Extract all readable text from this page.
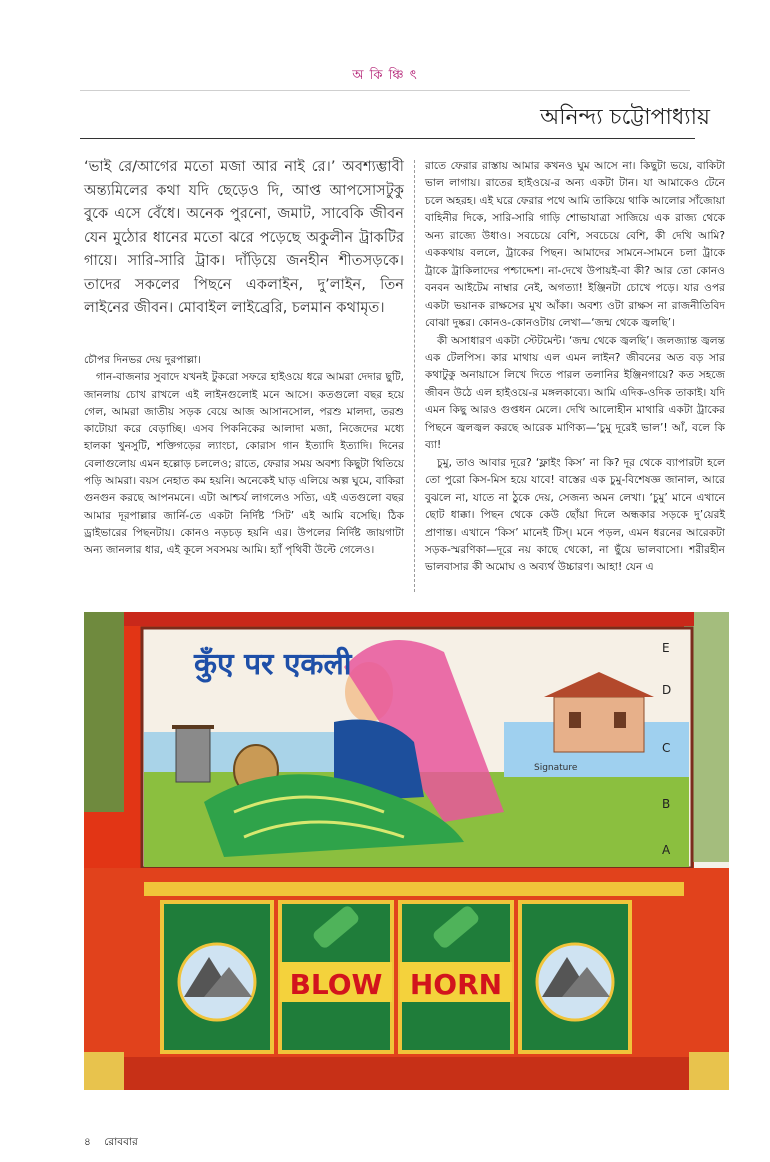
অ কি ঞ্চি ৎ
অনিন্দ্য চট্টোপাধ্যায়

‘ভাই রে/আগের মতো মজা আর নাই রে।’ অবশ্যম্ভাবী অন্ত্যমিলের কথা যদি ছেড়েও দি, আপ্ত আপসোসটুকু বুকে এসে বেঁধে। অনেক পুরনো, জমাট, সাবেকি জীবন যেন মুঠোর ধানের মতো ঝরে পড়েছে অকুলীন ট্রাকটির গায়ে। সারি-সারি ট্রাক। দাঁড়িয়ে জনহীন শীতসড়কে। তাদের সকলের পিছনে একলাইন, দু’লাইন, তিন লাইনের জীবন। মোবাইল লাইব্রেরি, চলমান কথামৃত।

চৌপর দিনভর দেয় দুরপাল্লা।

গান-বাজনার সুবাদে যখনই টুকরো সফরে হাইওয়ে ধরে আমরা দেদার ছুটি, জানলায় চোখ রাখলে এই লাইনগুলোই মনে আসে। কতগুলো বছর হয়ে গেল, আমরা জাতীয় সড়ক বেয়ে আজ আসানসোল, পরশু মালদা, তরশু কাটোয়া করে বেড়াচ্ছি। এসব পিকনিকের আলাদা মজা, নিজেদের মধ্যে হালকা খুনসুটি, শক্তিগড়ের ল্যাংচা, কোরাস গান ইত্যাদি ইত্যাদি। দিনের বেলাগুলোয় এমন হল্লোড় চললেও; রাতে, ফেরার সময় অবশ্য কিছুটা থিতিয়ে পড়ি আমরা। বয়স নেহাত কম হয়নি। অনেকেই ঘাড় এলিয়ে অল্প ঘুমে, বাকিরা গুনগুন করছে আপনমনে। এটা আশ্চর্য লাগলেও সত্যি, এই এতগুলো বছর আমার দূরপাল্লার জার্নি-তে একটা নির্দিষ্ট ‘সিট’ এই আমি বসেছি। ঠিক ড্রাইভারের পিছনটায়। কোনও নড়চড় হয়নি এর। উপলের নির্দিষ্ট জায়গাটা অন্য জানলার ধার, এই কূলে সবসময় আমি। হ্যাঁ পৃথিবী উল্টে গেলেও।

রাতে ফেরার রাস্তায় আমার কখনও ঘুম আসে না। কিছুটা ভয়ে, বাকিটা ভাল লাগায়। রাতের হাইওয়ে-র অন্য একটা টান। যা আমাকেও টেনে চলে অহরহ। এই ঘরে ফেরার পথে আমি তাকিয়ে থাকি আলোর সাঁজোয়া বাহিনীর দিকে, সারি-সারি গাড়ি শোভাযাত্রা সাজিয়ে এক রাজ্য থেকে অন্য রাজ্যে উধাও। সবচেয়ে বেশি, সবচেয়ে বেশি, কী দেখি আমি? এককথায় বললে, ট্রাকের পিছন। আমাদের সামনে-সামনে চলা ট্রাকে ট্রাকে ট্রাকিলাদের পশ্চাদ্দেশ। না-দেখে উপায়ই-বা কী? আর তো কোনও বনবন আইটেম নাম্বার নেই, অগত্যা! ইঞ্জিনটা চোখে পড়ে। যার ওপর একটা ভয়ানক রাক্ষসের মুখ আঁকা। অবশ্য ওটা রাক্ষস না রাজনীতিবিদ বোঝা দুষ্কর। কোনও-কোনওটায় লেখা—‘জন্ম থেকে জ্বলছি’।

কী অসাধারণ একটা স্টেটমেন্ট। ‘জন্ম থেকে জ্বলছি’। জলজ্যান্ত জ্বলন্ত এক টেলপিস। কার মাথায় এল এমন লাইন? জীবনের অত বড় সার কথাটুকু অনায়াসে লিখে দিতে পারল তলানির ইঞ্জিনগায়ে? কত সহজে জীবন উঠে এল হাইওয়ে-র মঙ্গলকাব্যে। আমি এদিক-ওদিক তাকাই। যদি এমন কিছু আরও গুপ্তধন মেলে। দেখি আলোহীন মাথারি একটা ট্রাকের পিছনে জ্বলজ্বল করছে আরেক মাণিক্য—‘চুমু দূরেই ভাল’! আঁ, বলে কি ব্যা!

চুমু, তাও আবার দূরে? ‘ফ্লাইং কিস’ না কি? দূর থেকে ব্যাপারটা হলে তো পুরো কিস-মিস হয়ে যাবে! বাস্তের এক চুমু-বিশেষজ্ঞ জানাল, আরে বুঝলে না, যাতে না ঠুকে দেয়, সেজন্য অমন লেখা। ‘চুমু’ মানে এখানে ছোট ধাক্কা। পিছন থেকে কেউ ছোঁয়া দিলে অন্ধকার সড়কে দু’য়েরই প্রাণান্ত। এখানে ‘কিস’ মানেই টিস্। মনে পড়ল, এমন ধরনের আরেকটা সড়ক-স্মরণিকা—দূরে নয় কাছে থেকো, না ছুঁয়ে ভালবাসো। শরীরহীন ভালবাসার কী অমোঘ ও অব্যর্থ উচ্চারণ। আহা! যেন এ

कुँए पर एकली
Signature
E
D
C
B
A
BLOW HORN
৪ রোববার
